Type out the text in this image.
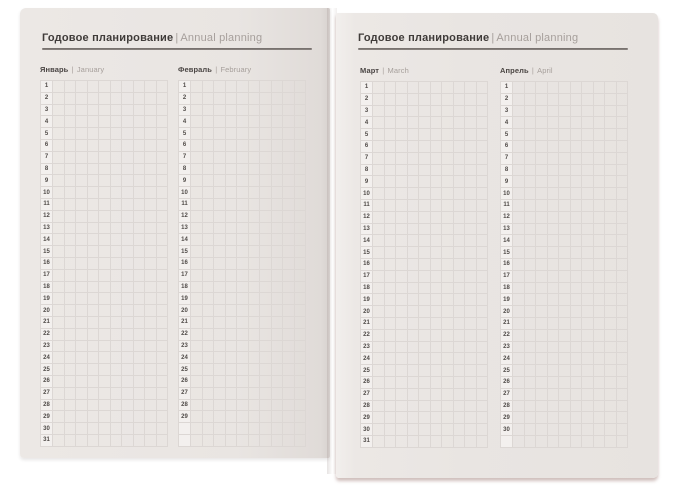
Годовое планирование | Annual planning
Январь | January
1
2
3
4
5
6
7
8
9
10
11
12
13
14
15
16
17
18
19
20
21
22
23
24
25
26
27
28
29
30
31
Февраль | February
1
2
3
4
5
6
7
8
9
10
11
12
13
14
15
16
17
18
19
20
21
22
23
24
25
26
27
28
29
Годовое планирование | Annual planning
Март | March
1
2
3
4
5
6
7
8
9
10
11
12
13
14
15
16
17
18
19
20
21
22
23
24
25
26
27
28
29
30
31
Апрель | April
1
2
3
4
5
6
7
8
9
10
11
12
13
14
15
16
17
18
19
20
21
22
23
24
25
26
27
28
29
30
